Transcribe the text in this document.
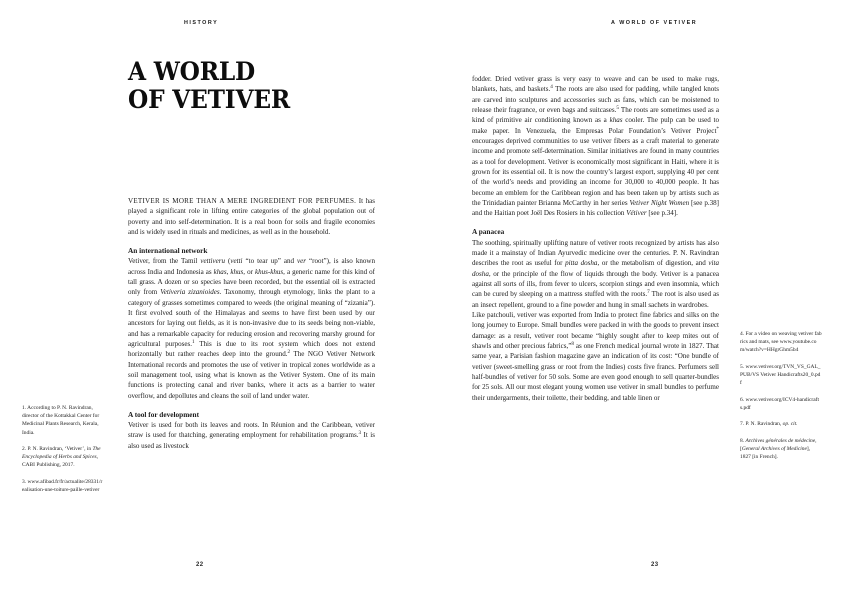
HISTORY	A WORLD OF VETIVER
A WORLD
OF VETIVER

VETIVER IS MORE THAN A MERE INGREDIENT FOR PERFUMES. It has played a significant role in lifting entire categories of the global population out of poverty and into self-determination. It is a real boon for soils and fragile economies and is widely used in rituals and medicines, as well as in the household.

An international network

Vetiver, from the Tamil vettiveru (vetti “to tear up” and ver “root”), is also known across India and Indonesia as khas, khus, or khus-khus, a generic name for this kind of tall grass. A dozen or so species have been recorded, but the essential oil is extracted only from Vetiveria zizanioides. Taxonomy, through etymology, links the plant to a category of grasses sometimes compared to weeds (the original meaning of “zizania”). It first evolved south of the Himalayas and seems to have first been used by our ancestors for laying out fields, as it is non-invasive due to its seeds being non-viable, and has a remarkable capacity for reducing erosion and recovering marshy ground for agricultural purposes.$^1$ This is due to its root system which does not extend horizontally but rather reaches deep into the ground.$^2$ The NGO Vetiver Network International records and promotes the use of vetiver in tropical zones worldwide as a soil management tool, using what is known as the Vetiver System. One of its main functions is protecting canal and river banks, where it acts as a barrier to water overflow, and depollutes and cleans the soil of land under water.

A tool for development

Vetiver is used for both its leaves and roots. In Réunion and the Caribbean, vetiver straw is used for thatching, generating employment for rehabilitation programs.$^3$ It is also used as livestock

fodder. Dried vetiver grass is very easy to weave and can be used to make rugs, blankets, hats, and baskets.$^4$ The roots are also used for padding, while tangled knots are carved into sculptures and accessories such as fans, which can be moistened to release their fragrance, or even bags and suitcases.$^5$ The roots are sometimes used as a kind of primitive air conditioning known as a khas cooler. The pulp can be used to make paper. In Venezuela, the Empresas Polar Foundation’s Vetiver Project* encourages deprived communities to use vetiver fibers as a craft material to generate income and promote self-determination. Similar initiatives are found in many countries as a tool for development. Vetiver is economically most significant in Haiti, where it is grown for its essential oil. It is now the country’s largest export, supplying 40 per cent of the world’s needs and providing an income for 30,000 to 40,000 people. It has become an emblem for the Caribbean region and has been taken up by artists such as the Trinidadian painter Brianna McCarthy in her series Vetiver Night Women [see p.38] and the Haitian poet Joël Des Rosiers in his collection Vétiver [see p.34].

A panacea

The soothing, spiritually uplifting nature of vetiver roots recognized by artists has also made it a mainstay of Indian Ayurvedic medicine over the centuries. P. N. Ravindran describes the root as useful for pitta dosha, or the metabolism of digestion, and vita dosha, or the principle of the flow of liquids through the body. Vetiver is a panacea against all sorts of ills, from fever to ulcers, scorpion stings and even insomnia, which can be cured by sleeping on a mattress stuffed with the roots.$^7$ The root is also used as an insect repellent, ground to a fine powder and hung in small sachets in wardrobes.

Like patchouli, vetiver was exported from India to protect fine fabrics and silks on the long journey to Europe. Small bundles were packed in with the goods to prevent insect damage: as a result, vetiver root became “highly sought after to keep mites out of shawls and other precious fabrics,”$^8$ as one French medical journal wrote in 1827. That same year, a Parisian fashion magazine gave an indication of its cost: “One bundle of vetiver (sweet-smelling grass or root from the Indies) costs five francs. Perfumers sell half-bundles of vetiver for 50 sols. Some are even good enough to sell quarter-bundles for 25 sols. All our most elegant young women use vetiver in small bundles to perfume their undergarments, their toilette, their bedding, and table linen or

1. According to P. N. Ravindran, director of the Kottakkal Center for Medicinal Plants Research, Kerala, India.

2. P. N. Ravindran, ‘Vetiver’, in The Encyclopedia of Herbs and Spices, CABI Publishing, 2017.

3. www.afibad.fr/fr/actualite/28331/realisation-une-toiture-paille-vetiver

4. For a video on weaving vetiver fabrics and mats, see www.youtube.com/watch?v=HHgrGhm5b4

5. www.vetiver.org/TVN_VS_GAL_PUB/VS Vetiver Handicrafts20_0.pdf

6. www.vetiver.org/ICV4-handicrafts.pdf

7. P. N. Ravindran, op. cit.

8. Archives générales de médecine, [General Archives of Medicine], 1827 [in French].

22	23
